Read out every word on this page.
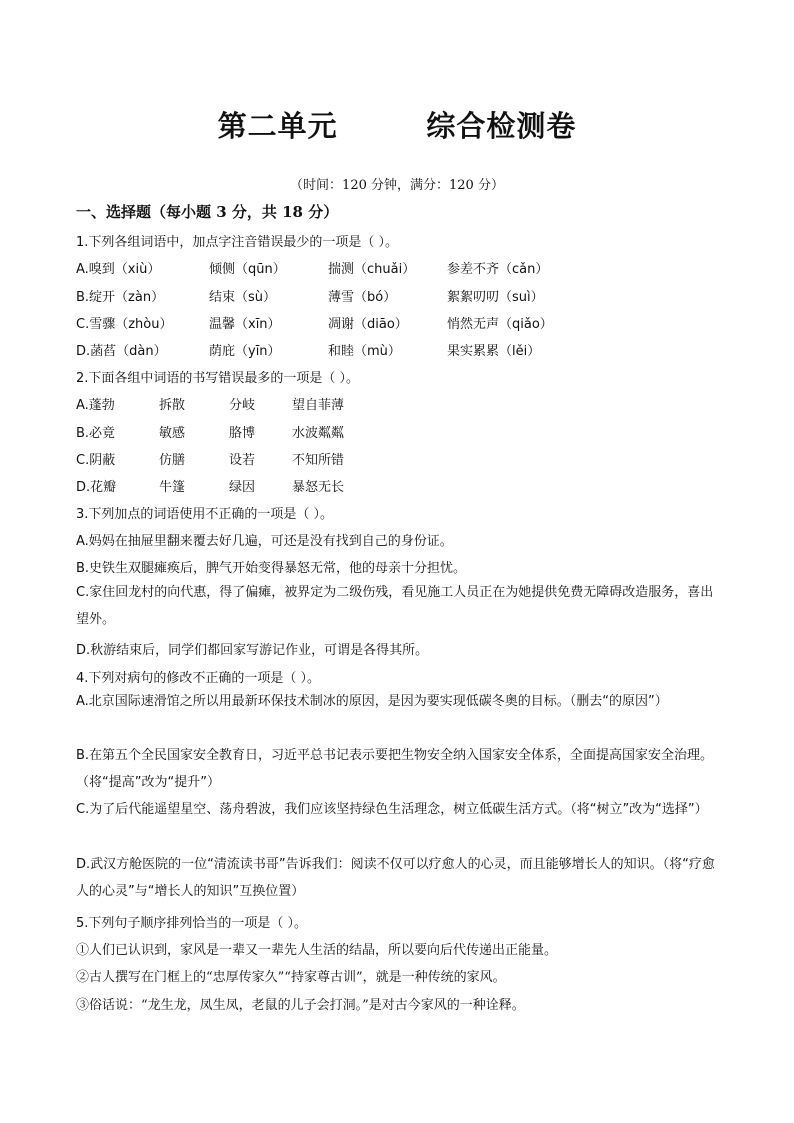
第二单元        综合检测卷
（时间：120 分钟，满分：120 分）
一、选择题（每小题 3 分，共 18 分）
1.下列各组词语中，加点字注音错误最少的一项是（ ）。
A.嗅到（xiù）	倾侧（qūn）	揣测（chuǎi） 参差不齐（cǎn）
B.绽开（zàn）	结束（sù）	薄雪（bó）	絮絮叨叨（suì）
C.雪骤（zhòu）	温馨（xīn）	凋谢（diāo）	悄然无声（qiǎo）
D.菡萏（dàn）	荫庇（yīn）	和睦（mù）	果实累累（lěi）
2.下面各组中词语的书写错误最多的一项是（ ）。
A.蓬勃	拆散	分岐	望自菲薄
B.必竟	敏感	胳博	水波粼粼
C.阴蔽	仿膳	设若	不知所错
D.花瓣	牛篷	绿因	暴怒无长
3.下列加点的词语使用不正确的一项是（ ）。
A.妈妈在抽屉里翻来覆去好几遍，可还是没有找到自己的身份证。
B.史铁生双腿瘫痪后，脾气开始变得暴怒无常，他的母亲十分担忧。
C.家住回龙村的向代惠，得了偏瘫，被界定为二级伤残，看见施工人员正在为她提供免费无障碍改造服务，喜出望外。
D.秋游结束后，同学们都回家写游记作业，可谓是各得其所。
4.下列对病句的修改不正确的一项是（ ）。
A.北京国际速滑馆之所以用最新环保技术制冰的原因，是因为要实现低碳冬奥的目标。（删去“的原因”）
B.在第五个全民国家安全教育日，习近平总书记表示要把生物安全纳入国家安全体系，全面提高国家安全治理。（将“提高”改为“提升”）
C.为了后代能遥望星空、荡舟碧波，我们应该坚持绿色生活理念，树立低碳生活方式。（将“树立”改为“选择”）
D.武汉方舱医院的一位“清流读书哥”告诉我们：阅读不仅可以疗愈人的心灵，而且能够增长人的知识。（将“疗愈人的心灵”与“增长人的知识”互换位置）
5.下列句子顺序排列恰当的一项是（ ）。
①人们已认识到，家风是一辈又一辈先人生活的结晶，所以要向后代传递出正能量。
②古人撰写在门框上的“忠厚传家久”“持家尊古训”，就是一种传统的家风。
③俗话说：“龙生龙，凤生凤，老鼠的儿子会打洞。”是对古今家风的一种诠释。
